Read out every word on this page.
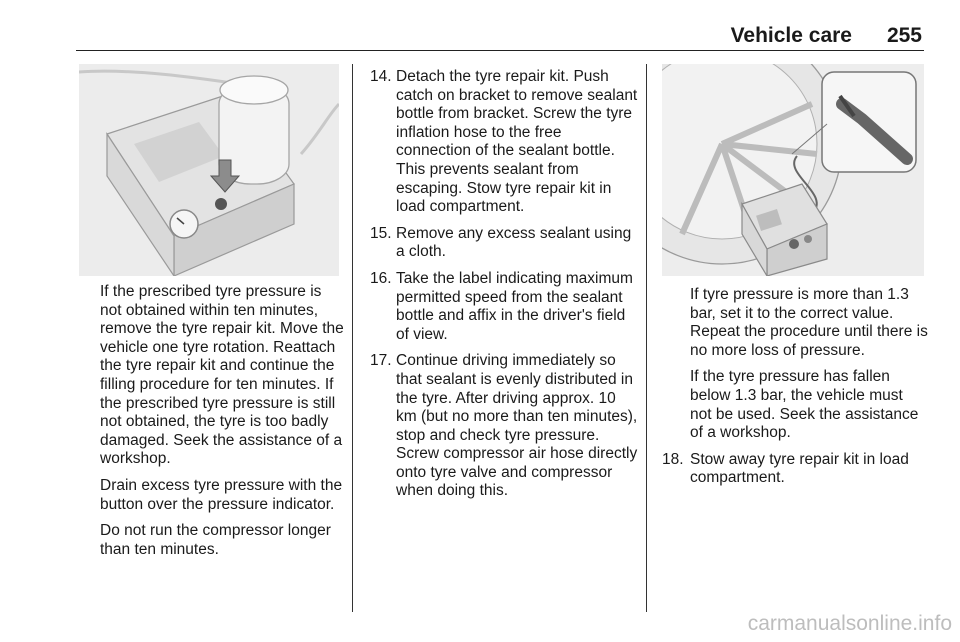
Vehicle care 255

If the prescribed tyre pressure is not obtained within ten minutes, remove the tyre repair kit. Move the vehicle one tyre rotation. Reattach the tyre repair kit and continue the filling procedure for ten minutes. If the prescribed tyre pressure is still not obtained, the tyre is too badly damaged. Seek the assistance of a workshop.

Drain excess tyre pressure with the button over the pressure indicator.

Do not run the compressor longer than ten minutes.

14. Detach the tyre repair kit. Push catch on bracket to remove sealant bottle from bracket. Screw the tyre inflation hose to the free connection of the sealant bottle. This prevents sealant from escaping. Stow tyre repair kit in load compartment.
15. Remove any excess sealant using a cloth.
16. Take the label indicating maximum permitted speed from the sealant bottle and affix in the driver's field of view.
17. Continue driving immediately so that sealant is evenly distributed in the tyre. After driving approx. 10 km (but no more than ten minutes), stop and check tyre pressure. Screw compressor air hose directly onto tyre valve and compressor when doing this.

If tyre pressure is more than 1.3 bar, set it to the correct value. Repeat the procedure until there is no more loss of pressure.

If the tyre pressure has fallen below 1.3 bar, the vehicle must not be used. Seek the assistance of a workshop.

18. Stow away tyre repair kit in load compartment.
carmanualsonline.info
